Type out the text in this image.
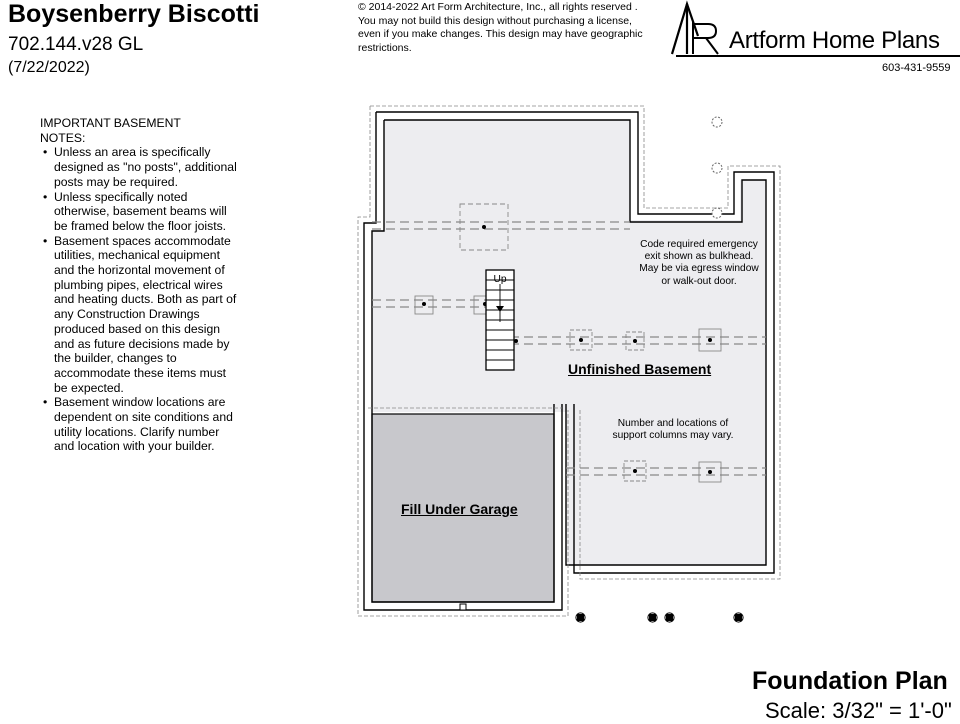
Boysenberry Biscotti
702.144.v28 GL
(7/22/2022)
© 2014-2022 Art Form Architecture, Inc., all rights reserved .
You may not build this design without purchasing a license,
even if you make changes. This design may have geographic
restrictions.	Artform Home Plans
603-431-9559
IMPORTANT BASEMENT
NOTES:
• Unless an area is specifically designed as "no posts", additional posts may be required.
• Unless specifically noted otherwise, basement beams will be framed below the floor joists.
• Basement spaces accommodate utilities, mechanical equipment and the horizontal movement of plumbing pipes, electrical wires and heating ducts. Both as part of any Construction Drawings produced based on this design and as future decisions made by the builder, changes to accommodate these items must be expected.
• Basement window locations are dependent on site conditions and utility locations. Clarify number and location with your builder.
Up
Code required emergency
exit shown as bulkhead.
May be via egress window
or walk-out door.
Unfinished Basement
Number and locations of
support columns may vary.
Fill Under Garage
Foundation Plan
Scale: 3/32" = 1'-0"
